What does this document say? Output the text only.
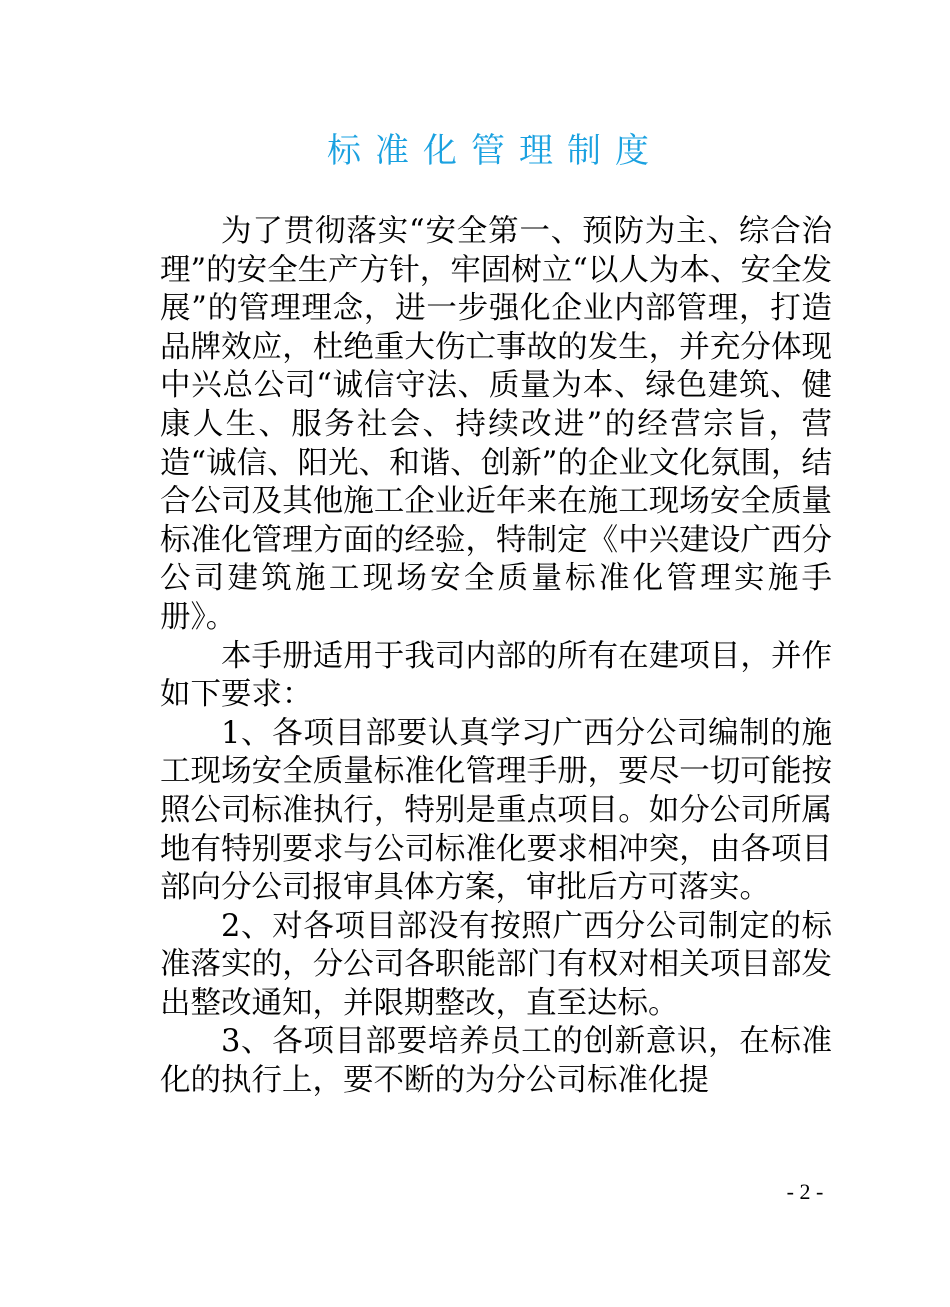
标准化管理制度

为了贯彻落实“安全第一、预防为主、综合治理”的安全生产方针，牢固树立“以人为本、安全发展”的管理理念，进一步强化企业内部管理，打造品牌效应，杜绝重大伤亡事故的发生，并充分体现中兴总公司“诚信守法、质量为本、绿色建筑、健康人生、服务社会、持续改进”的经营宗旨，营造“诚信、阳光、和谐、创新”的企业文化氛围，结合公司及其他施工企业近年来在施工现场安全质量标准化管理方面的经验，特制定《中兴建设广西分公司建筑施工现场安全质量标准化管理实施手册》。

本手册适用于我司内部的所有在建项目，并作如下要求：

1、各项目部要认真学习广西分公司编制的施工现场安全质量标准化管理手册，要尽一切可能按照公司标准执行，特别是重点项目。如分公司所属地有特别要求与公司标准化要求相冲突，由各项目部向分公司报审具体方案，审批后方可落实。

2、对各项目部没有按照广西分公司制定的标准落实的，分公司各职能部门有权对相关项目部发出整改通知，并限期整改，直至达标。

3、各项目部要培养员工的创新意识，在标准化的执行上，要不断的为分公司标准化提

- 2 -
